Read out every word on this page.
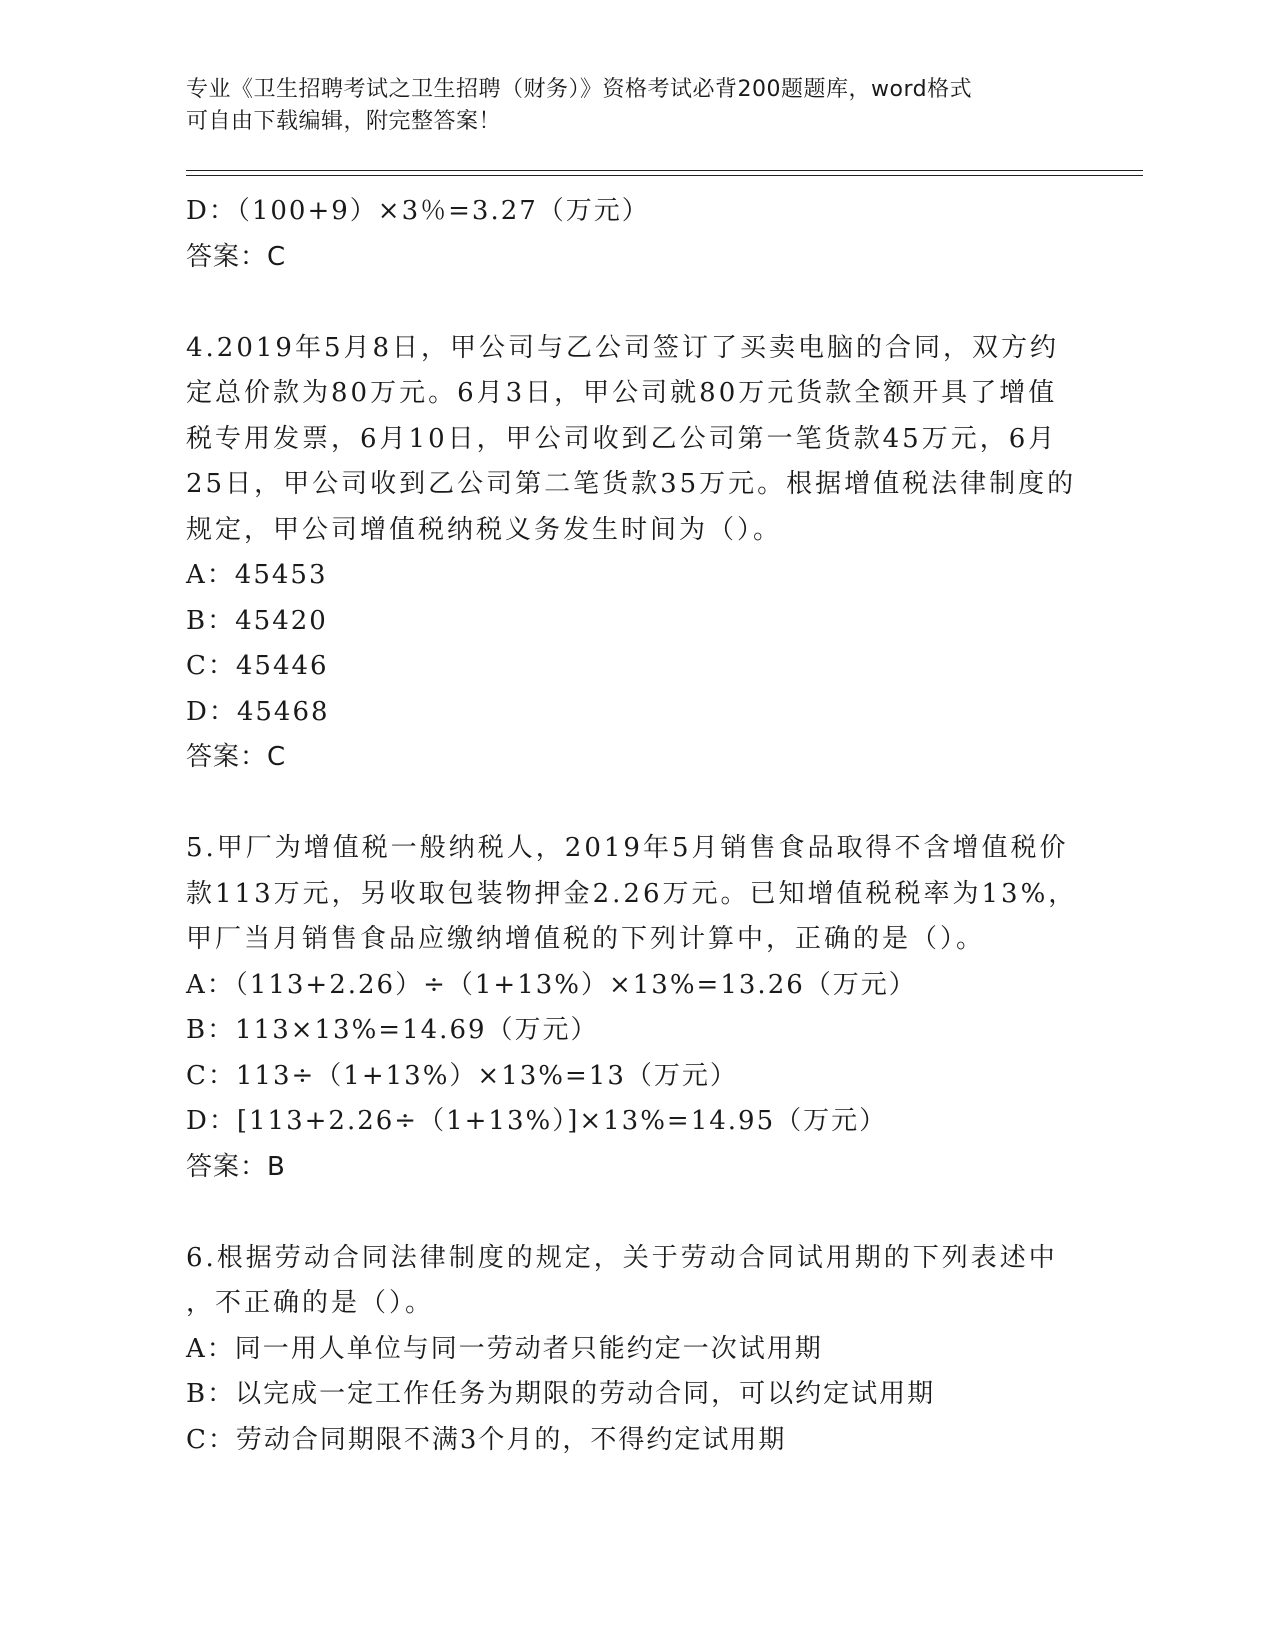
专业《卫生招聘考试之卫生招聘（财务）》资格考试必背200题题库，word格式
可自由下载编辑，附完整答案！
D：（100+9）×3％=3.27（万元）
答案：C
4.2019年5月8日，甲公司与乙公司签订了买卖电脑的合同，双方约
定总价款为80万元。6月3日，甲公司就80万元货款全额开具了增值
税专用发票，6月10日，甲公司收到乙公司第一笔货款45万元，6月
25日，甲公司收到乙公司第二笔货款35万元。根据增值税法律制度的
规定，甲公司增值税纳税义务发生时间为（）。
A：45453
B：45420
C：45446
D：45468
答案：C
5.甲厂为增值税一般纳税人，2019年5月销售食品取得不含增值税价
款113万元，另收取包装物押金2.26万元。已知增值税税率为13%，
甲厂当月销售食品应缴纳增值税的下列计算中，正确的是（）。
A：（113+2.26）÷（1+13%）×13%=13.26（万元）
B：113×13%=14.69（万元）
C：113÷（1+13%）×13%=13（万元）
D：[113+2.26÷（1+13%）]×13%=14.95（万元）
答案：B
6.根据劳动合同法律制度的规定，关于劳动合同试用期的下列表述中
，不正确的是（）。
A：同一用人单位与同一劳动者只能约定一次试用期
B：以完成一定工作任务为期限的劳动合同，可以约定试用期
C：劳动合同期限不满3个月的，不得约定试用期
